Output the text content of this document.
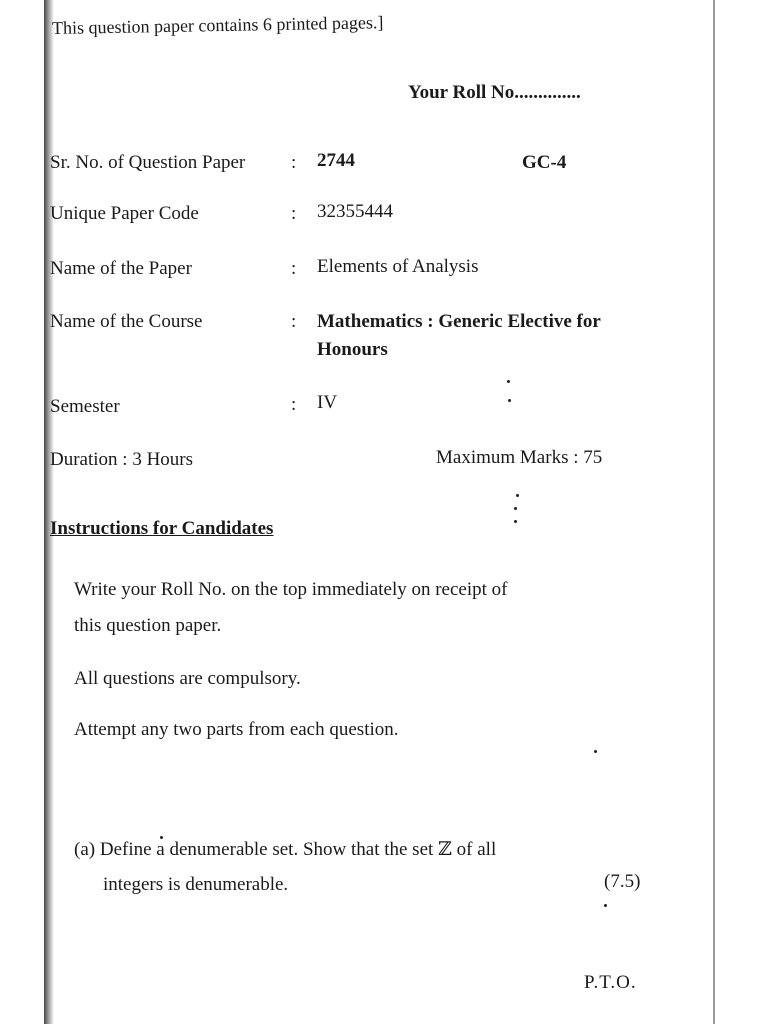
This question paper contains 6 printed pages.]
Your Roll No..............
Sr. No. of Question Paper : 2744	GC-4
Unique Paper Code	: 32355444
Name of the Paper	: Elements of Analysis
Name of the Course	: Mathematics : Generic Elective for
Honours
Semester	: IV
Duration : 3 Hours	Maximum Marks : 75
Instructions for Candidates
Write your Roll No. on the top immediately on receipt of
this question paper.
All questions are compulsory.
Attempt any two parts from each question.
(a) Define a denumerable set. Show that the set ℤ of all
integers is denumerable.	(7.5)
P.T.O.
